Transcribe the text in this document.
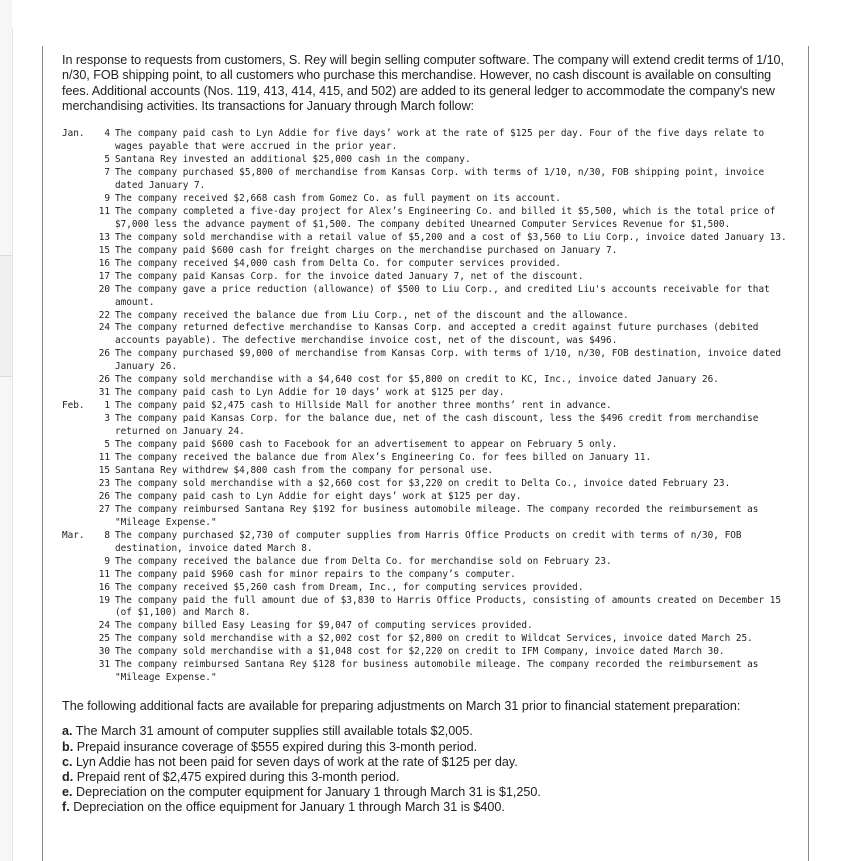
In response to requests from customers, S. Rey will begin selling computer software. The company will extend credit terms of 1/10, n/30, FOB shipping point, to all customers who purchase this merchandise. However, no cash discount is available on consulting fees. Additional accounts (Nos. 119, 413, 414, 415, and 502) are added to its general ledger to accommodate the company's new merchandising activities. Its transactions for January through March follow:

Jan.	4 The company paid cash to Lyn Addie for five days’ work at the rate of $125 per day. Four of the five days relate to wages payable that were accrued in the prior year.
5 Santana Rey invested an additional $25,000 cash in the company.
7 The company purchased $5,800 of merchandise from Kansas Corp. with terms of 1/10, n/30, FOB shipping point, invoice dated January 7.
9 The company received $2,668 cash from Gomez Co. as full payment on its account.
11 The company completed a five-day project for Alex’s Engineering Co. and billed it $5,500, which is the total price of $7,000 less the advance payment of $1,500. The company debited Unearned Computer Services Revenue for $1,500.
13 The company sold merchandise with a retail value of $5,200 and a cost of $3,560 to Liu Corp., invoice dated January 13.
15 The company paid $600 cash for freight charges on the merchandise purchased on January 7.
16 The company received $4,000 cash from Delta Co. for computer services provided.
17 The company paid Kansas Corp. for the invoice dated January 7, net of the discount.
20 The company gave a price reduction (allowance) of $500 to Liu Corp., and credited Liu's accounts receivable for that amount.
22 The company received the balance due from Liu Corp., net of the discount and the allowance.
24 The company returned defective merchandise to Kansas Corp. and accepted a credit against future purchases (debited accounts payable). The defective merchandise invoice cost, net of the discount, was $496.
26 The company purchased $9,000 of merchandise from Kansas Corp. with terms of 1/10, n/30, FOB destination, invoice dated January 26.
26 The company sold merchandise with a $4,640 cost for $5,800 on credit to KC, Inc., invoice dated January 26.
31 The company paid cash to Lyn Addie for 10 days’ work at $125 per day.
Feb.	1 The company paid $2,475 cash to Hillside Mall for another three months’ rent in advance.
3 The company paid Kansas Corp. for the balance due, net of the cash discount, less the $496 credit from merchandise returned on January 24.
5 The company paid $600 cash to Facebook for an advertisement to appear on February 5 only.
11 The company received the balance due from Alex’s Engineering Co. for fees billed on January 11.
15 Santana Rey withdrew $4,800 cash from the company for personal use.
23 The company sold merchandise with a $2,660 cost for $3,220 on credit to Delta Co., invoice dated February 23.
26 The company paid cash to Lyn Addie for eight days’ work at $125 per day.
27 The company reimbursed Santana Rey $192 for business automobile mileage. The company recorded the reimbursement as "Mileage Expense."
Mar.	8 The company purchased $2,730 of computer supplies from Harris Office Products on credit with terms of n/30, FOB destination, invoice dated March 8.
9 The company received the balance due from Delta Co. for merchandise sold on February 23.
11 The company paid $960 cash for minor repairs to the company’s computer.
16 The company received $5,260 cash from Dream, Inc., for computing services provided.
19 The company paid the full amount due of $3,830 to Harris Office Products, consisting of amounts created on December 15 (of $1,100) and March 8.
24 The company billed Easy Leasing for $9,047 of computing services provided.
25 The company sold merchandise with a $2,002 cost for $2,800 on credit to Wildcat Services, invoice dated March 25.
30 The company sold merchandise with a $1,048 cost for $2,220 on credit to IFM Company, invoice dated March 30.
31 The company reimbursed Santana Rey $128 for business automobile mileage. The company recorded the reimbursement as "Mileage Expense."

The following additional facts are available for preparing adjustments on March 31 prior to financial statement preparation:

a. The March 31 amount of computer supplies still available totals $2,005.
b. Prepaid insurance coverage of $555 expired during this 3-month period.
c. Lyn Addie has not been paid for seven days of work at the rate of $125 per day.
d. Prepaid rent of $2,475 expired during this 3-month period.
e. Depreciation on the computer equipment for January 1 through March 31 is $1,250.
f. Depreciation on the office equipment for January 1 through March 31 is $400.
